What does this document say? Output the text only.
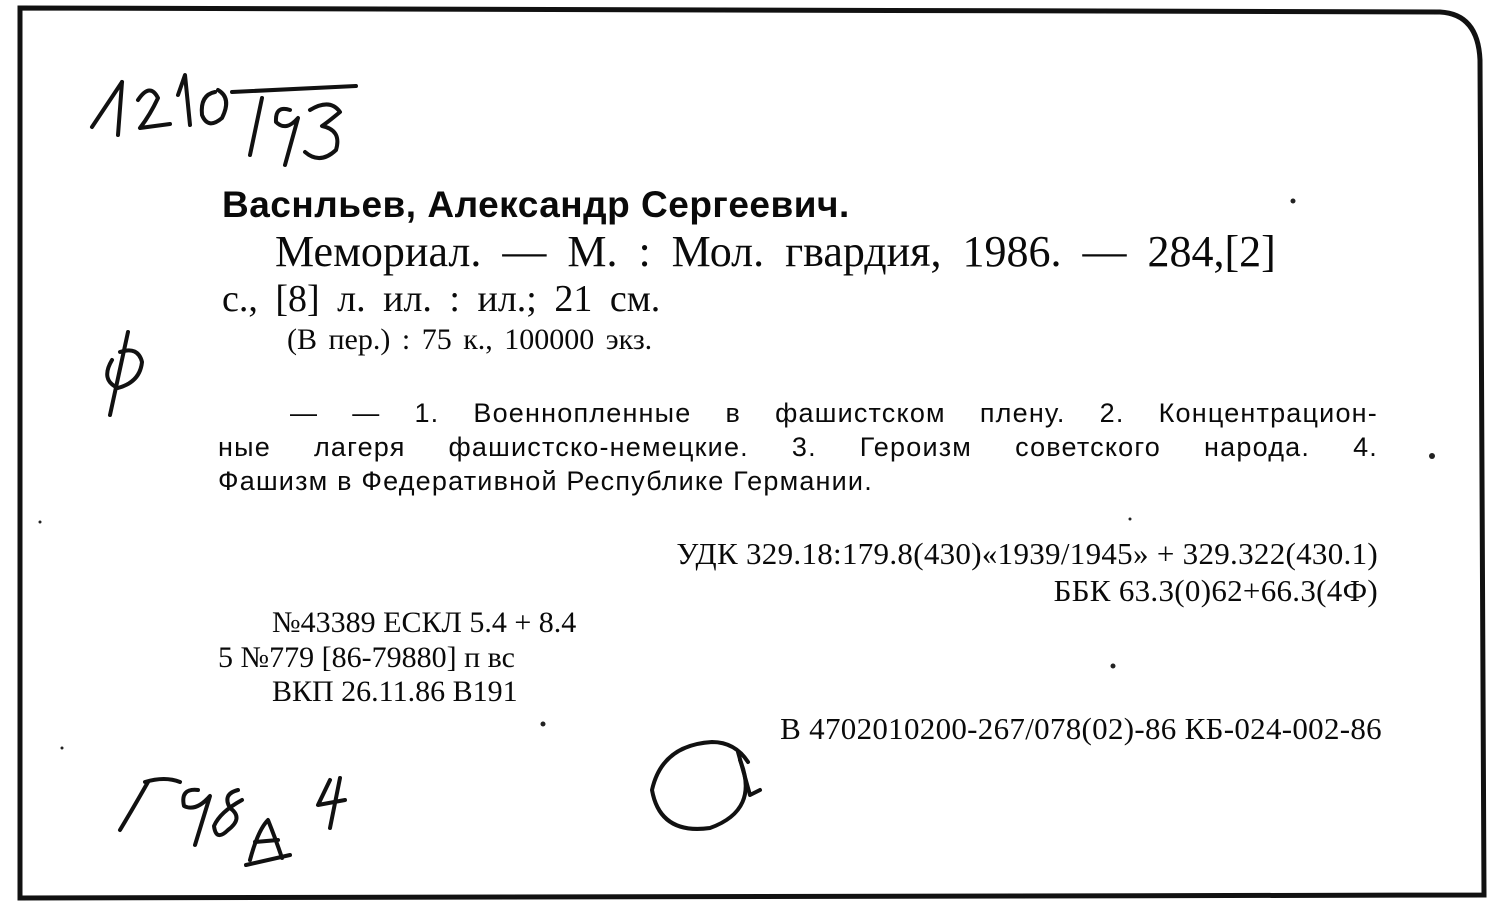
Васнльев, Александр Сергеевич.
Мемориал. — М. : Мол. гвардия, 1986. — 284,[2]
с., [8] л. ил. : ил.; 21 см.
(В пер.) : 75 к., 100000 экз.
— — 1. Военнопленные в фашистском плену. 2. Концентрацион-
ные лагеря фашистско-немецкие. 3. Героизм советского народа. 4.
Фашизм в Федеративной Республике Германии.
УДК 329.18:179.8(430)«1939/1945» + 329.322(430.1)
ББК 63.3(0)62+66.3(4Ф)
№43389 ЕСКЛ 5.4 + 8.4
5 №779 [86-79880] п вс
ВКП 26.11.86 В191
В 4702010200-267/078(02)-86 КБ-024-002-86
